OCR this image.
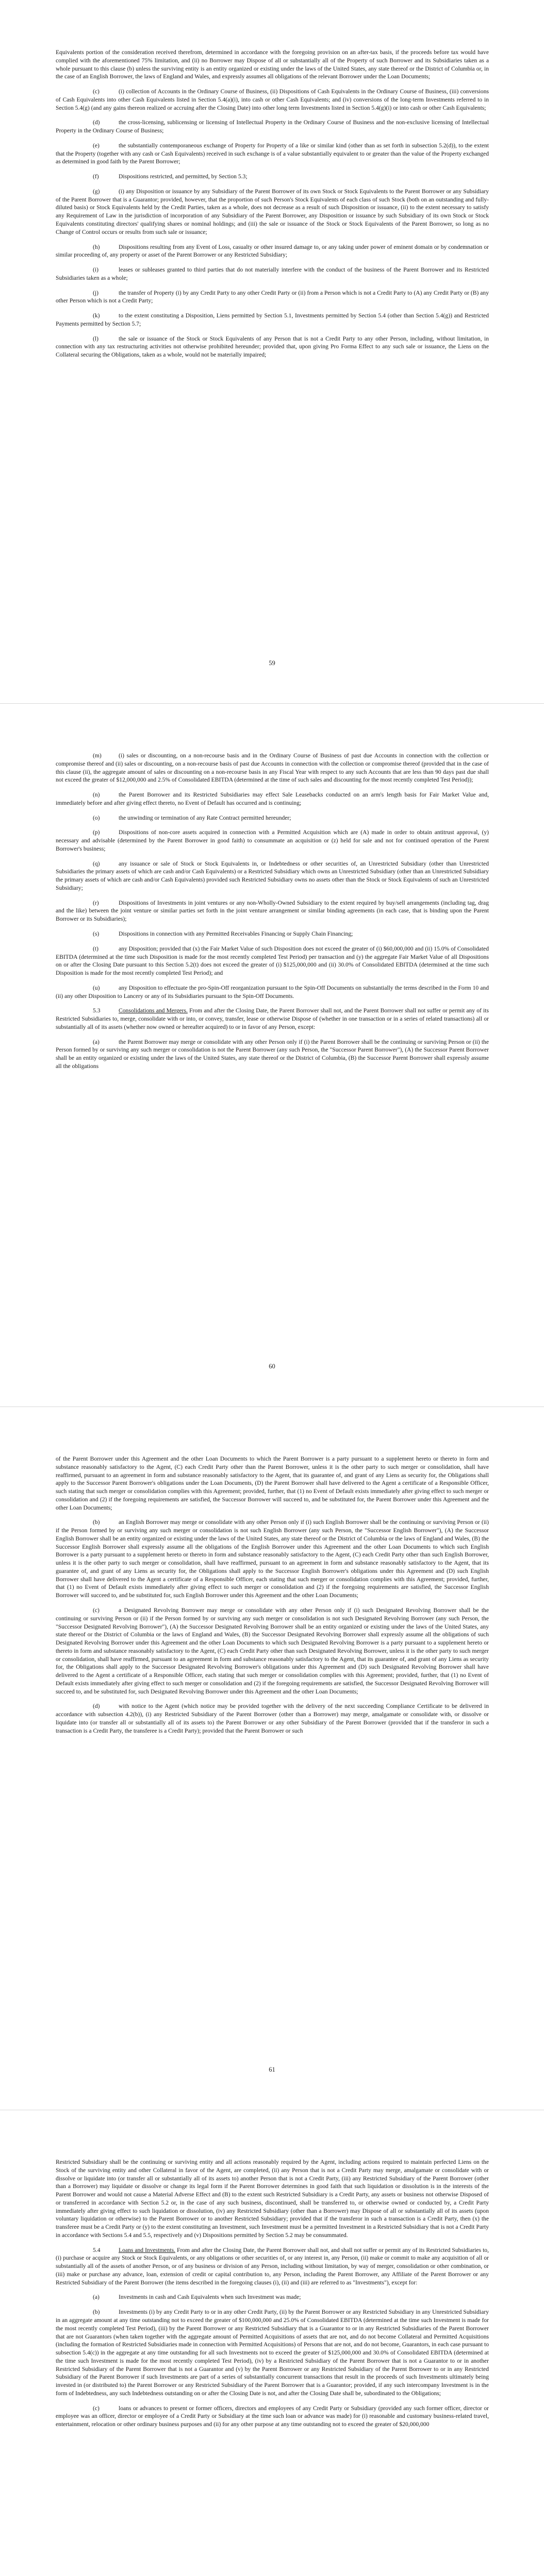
Equivalents portion of the consideration received therefrom, determined in accordance with the foregoing provision on an after-tax basis, if the proceeds before tax would have complied with the aforementioned 75% limitation, and (ii) no Borrower may Dispose of all or substantially all of the Property of such Borrower and its Subsidiaries taken as a whole pursuant to this clause (b) unless the surviving entity is an entity organized or existing under the laws of the United States, any state thereof or the District of Columbia or, in the case of an English Borrower, the laws of England and Wales, and expressly assumes all obligations of the relevant Borrower under the Loan Documents;

(c)	(i) collection of Accounts in the Ordinary Course of Business, (ii) Dispositions of Cash Equivalents in the Ordinary Course of Business, (iii) conversions of Cash Equivalents into other Cash Equivalents listed in Section 5.4(a)(i), into cash or other Cash Equivalents; and (iv) conversions of the long-term Investments referred to in Section 5.4(g) (and any gains thereon realized or accruing after the Closing Date) into other long term Investments listed in Section 5.4(g)(i) or into cash or other Cash Equivalents;

(d)	the cross-licensing, sublicensing or licensing of Intellectual Property in the Ordinary Course of Business and the non-exclusive licensing of Intellectual Property in the Ordinary Course of Business;

(e)	the substantially contemporaneous exchange of Property for Property of a like or similar kind (other than as set forth in subsection 5.2(d)), to the extent that the Property (together with any cash or Cash Equivalents) received in such exchange is of a value substantially equivalent to or greater than the value of the Property exchanged as determined in good faith by the Parent Borrower;

(f)	Dispositions restricted, and permitted, by Section 5.3;

(g)	(i) any Disposition or issuance by any Subsidiary of the Parent Borrower of its own Stock or Stock Equivalents to the Parent Borrower or any Subsidiary of the Parent Borrower that is a Guarantor; provided, however, that the proportion of such Person's Stock Equivalents of each class of such Stock (both on an outstanding and fully-diluted basis) or Stock Equivalents held by the Credit Parties, taken as a whole, does not decrease as a result of such Disposition or issuance, (ii) to the extent necessary to satisfy any Requirement of Law in the jurisdiction of incorporation of any Subsidiary of the Parent Borrower, any Disposition or issuance by such Subsidiary of its own Stock or Stock Equivalents constituting directors' qualifying shares or nominal holdings; and (iii) the sale or issuance of the Stock or Stock Equivalents of the Parent Borrower, so long as no Change of Control occurs or results from such sale or issuance;

(h)	Dispositions resulting from any Event of Loss, casualty or other insured damage to, or any taking under power of eminent domain or by condemnation or similar proceeding of, any property or asset of the Parent Borrower or any Restricted Subsidiary;

(i)	leases or subleases granted to third parties that do not materially interfere with the conduct of the business of the Parent Borrower and its Restricted Subsidiaries taken as a whole;

(j)	the transfer of Property (i) by any Credit Party to any other Credit Party or (ii) from a Person which is not a Credit Party to (A) any Credit Party or (B) any other Person which is not a Credit Party;

(k)	to the extent constituting a Disposition, Liens permitted by Section 5.1, Investments permitted by Section 5.4 (other than Section 5.4(g)) and Restricted Payments permitted by Section 5.7;

(l)	the sale or issuance of the Stock or Stock Equivalents of any Person that is not a Credit Party to any other Person, including, without limitation, in connection with any tax restructuring activities not otherwise prohibited hereunder; provided that, upon giving Pro Forma Effect to any such sale or issuance, the Liens on the Collateral securing the Obligations, taken as a whole, would not be materially impaired;

59

(m)	(i) sales or discounting, on a non-recourse basis and in the Ordinary Course of Business of past due Accounts in connection with the collection or compromise thereof and (ii) sales or discounting, on a non-recourse basis of past due Accounts in connection with the collection or compromise thereof (provided that in the case of this clause (ii), the aggregate amount of sales or discounting on a non-recourse basis in any Fiscal Year with respect to any such Accounts that are less than 90 days past due shall not exceed the greater of $12,000,000 and 2.5% of Consolidated EBITDA (determined at the time of such sales and discounting for the most recently completed Test Period));

(n)	the Parent Borrower and its Restricted Subsidiaries may effect Sale Leasebacks conducted on an arm's length basis for Fair Market Value and, immediately before and after giving effect thereto, no Event of Default has occurred and is continuing;

(o)	the unwinding or termination of any Rate Contract permitted hereunder;

(p)	Dispositions of non-core assets acquired in connection with a Permitted Acquisition which are (A) made in order to obtain antitrust approval, (y) necessary and advisable (determined by the Parent Borrower in good faith) to consummate an acquisition or (z) held for sale and not for continued operation of the Parent Borrower's business;

(q)	any issuance or sale of Stock or Stock Equivalents in, or Indebtedness or other securities of, an Unrestricted Subsidiary (other than Unrestricted Subsidiaries the primary assets of which are cash and/or Cash Equivalents) or a Restricted Subsidiary which owns an Unrestricted Subsidiary (other than an Unrestricted Subsidiary the primary assets of which are cash and/or Cash Equivalents) provided such Restricted Subsidiary owns no assets other than the Stock or Stock Equivalents of such an Unrestricted Subsidiary;

(r)	Dispositions of Investments in joint ventures or any non-Wholly-Owned Subsidiary to the extent required by buy/sell arrangements (including tag, drag and the like) between the joint venture or similar parties set forth in the joint venture arrangement or similar binding agreements (in each case, that is binding upon the Parent Borrower or its Subsidiaries);

(s)	Dispositions in connection with any Permitted Receivables Financing or Supply Chain Financing;

(t)	any Disposition; provided that (x) the Fair Market Value of such Disposition does not exceed the greater of (i) $60,000,000 and (ii) 15.0% of Consolidated EBITDA (determined at the time such Disposition is made for the most recently completed Test Period) per transaction and (y) the aggregate Fair Market Value of all Dispositions on or after the Closing Date pursuant to this Section 5.2(t) does not exceed the greater of (i) $125,000,000 and (ii) 30.0% of Consolidated EBITDA (determined at the time such Disposition is made for the most recently completed Test Period); and

(u)	any Disposition to effectuate the pro-Spin-Off reorganization pursuant to the Spin-Off Documents on substantially the terms described in the Form 10 and (ii) any other Disposition to Lancery or any of its Subsidiaries pursuant to the Spin-Off Documents.

5.3	Consolidations and Mergers. From and after the Closing Date, the Parent Borrower shall not, and the Parent Borrower shall not suffer or permit any of its Restricted Subsidiaries to, merge, consolidate with or into, or convey, transfer, lease or otherwise Dispose of (whether in one transaction or in a series of related transactions) all or substantially all of its assets (whether now owned or hereafter acquired) to or in favor of any Person, except:

(a)	the Parent Borrower may merge or consolidate with any other Person only if (i) the Parent Borrower shall be the continuing or surviving Person or (ii) the Person formed by or surviving any such merger or consolidation is not the Parent Borrower (any such Person, the "Successor Parent Borrower"), (A) the Successor Parent Borrower shall be an entity organized or existing under the laws of the United States, any state thereof or the District of Columbia, (B) the Successor Parent Borrower shall expressly assume all the obligations

60

of the Parent Borrower under this Agreement and the other Loan Documents to which the Parent Borrower is a party pursuant to a supplement hereto or thereto in form and substance reasonably satisfactory to the Agent, (C) each Credit Party other than the Parent Borrower, unless it is the other party to such merger or consolidation, shall have reaffirmed, pursuant to an agreement in form and substance reasonably satisfactory to the Agent, that its guarantee of, and grant of any Liens as security for, the Obligations shall apply to the Successor Parent Borrower's obligations under the Loan Documents, (D) the Parent Borrower shall have delivered to the Agent a certificate of a Responsible Officer, such stating that such merger or consolidation complies with this Agreement; provided, further, that (1) no Event of Default exists immediately after giving effect to such merger or consolidation and (2) if the foregoing requirements are satisfied, the Successor Borrower will succeed to, and be substituted for, the Parent Borrower under this Agreement and the other Loan Documents;

(b)	an English Borrower may merge or consolidate with any other Person only if (i) such English Borrower shall be the continuing or surviving Person or (ii) if the Person formed by or surviving any such merger or consolidation is not such English Borrower (any such Person, the "Successor English Borrower"), (A) the Successor English Borrower shall be an entity organized or existing under the laws of the United States, any state thereof or the District of Columbia or the laws of England and Wales, (B) the Successor English Borrower shall expressly assume all the obligations of the English Borrower under this Agreement and the other Loan Documents to which such English Borrower is a party pursuant to a supplement hereto or thereto in form and substance reasonably satisfactory to the Agent, (C) each Credit Party other than such English Borrower, unless it is the other party to such merger or consolidation, shall have reaffirmed, pursuant to an agreement in form and substance reasonably satisfactory to the Agent, that its guarantee of, and grant of any Liens as security for, the Obligations shall apply to the Successor English Borrower's obligations under this Agreement and (D) such English Borrower shall have delivered to the Agent a certificate of a Responsible Officer, each stating that such merger or consolidation complies with this Agreement; provided, further, that (1) no Event of Default exists immediately after giving effect to such merger or consolidation and (2) if the foregoing requirements are satisfied, the Successor English Borrower will succeed to, and be substituted for, such English Borrower under this Agreement and the other Loan Documents;

(c)	a Designated Revolving Borrower may merge or consolidate with any other Person only if (i) such Designated Revolving Borrower shall be the continuing or surviving Person or (ii) if the Person formed by or surviving any such merger or consolidation is not such Designated Revolving Borrower (any such Person, the "Successor Designated Revolving Borrower"), (A) the Successor Designated Revolving Borrower shall be an entity organized or existing under the laws of the United States, any state thereof or the District of Columbia or the laws of England and Wales, (B) the Successor Designated Revolving Borrower shall expressly assume all the obligations of such Designated Revolving Borrower under this Agreement and the other Loan Documents to which such Designated Revolving Borrower is a party pursuant to a supplement hereto or thereto in form and substance reasonably satisfactory to the Agent, (C) each Credit Party other than such Designated Revolving Borrower, unless it is the other party to such merger or consolidation, shall have reaffirmed, pursuant to an agreement in form and substance reasonably satisfactory to the Agent, that its guarantee of, and grant of any Liens as security for, the Obligations shall apply to the Successor Designated Revolving Borrower's obligations under this Agreement and (D) such Designated Revolving Borrower shall have delivered to the Agent a certificate of a Responsible Officer, each stating that such merger or consolidation complies with this Agreement; provided, further, that (1) no Event of Default exists immediately after giving effect to such merger or consolidation and (2) if the foregoing requirements are satisfied, the Successor Designated Revolving Borrower will succeed to, and be substituted for, such Designated Revolving Borrower under this Agreement and the other Loan Documents;

(d)	with notice to the Agent (which notice may be provided together with the delivery of the next succeeding Compliance Certificate to be delivered in accordance with subsection 4.2(b)), (i) any Restricted Subsidiary of the Parent Borrower (other than a Borrower) may merge, amalgamate or consolidate with, or dissolve or liquidate into (or transfer all or substantially all of its assets to) the Parent Borrower or any other Subsidiary of the Parent Borrower (provided that if the transferor in such a transaction is a Credit Party, the transferee is a Credit Party); provided that the Parent Borrower or such

61

Restricted Subsidiary shall be the continuing or surviving entity and all actions reasonably required by the Agent, including actions required to maintain perfected Liens on the Stock of the surviving entity and other Collateral in favor of the Agent, are completed, (ii) any Person that is not a Credit Party may merge, amalgamate or consolidate with or dissolve or liquidate into (or transfer all or substantially all of its assets to) another Person that is not a Credit Party, (iii) any Restricted Subsidiary of the Parent Borrower (other than a Borrower) may liquidate or dissolve or change its legal form if the Parent Borrower determines in good faith that such liquidation or dissolution is in the interests of the Parent Borrower and would not cause a Material Adverse Effect and (B) to the extent such Restricted Subsidiary is a Credit Party, any assets or business not otherwise Disposed of or transferred in accordance with Section 5.2 or, in the case of any such business, discontinued, shall be transferred to, or otherwise owned or conducted by, a Credit Party immediately after giving effect to such liquidation or dissolution, (iv) any Restricted Subsidiary (other than a Borrower) may Dispose of all or substantially all of its assets (upon voluntary liquidation or otherwise) to the Parent Borrower or to another Restricted Subsidiary; provided that if the transferor in such a transaction is a Credit Party, then (x) the transferee must be a Credit Party or (y) to the extent constituting an Investment, such Investment must be a permitted Investment in a Restricted Subsidiary that is not a Credit Party in accordance with Sections 5.4 and 5.5, respectively and (v) Dispositions permitted by Section 5.2 may be consummated.

5.4	Loans and Investments. From and after the Closing Date, the Parent Borrower shall not, and shall not suffer or permit any of its Restricted Subsidiaries to, (i) purchase or acquire any Stock or Stock Equivalents, or any obligations or other securities of, or any interest in, any Person, (ii) make or commit to make any acquisition of all or substantially all of the assets of another Person, or of any business or division of any Person, including without limitation, by way of merger, consolidation or other combination, or (iii) make or purchase any advance, loan, extension of credit or capital contribution to, any Person, including the Parent Borrower, any Affiliate of the Parent Borrower or any Restricted Subsidiary of the Parent Borrower (the items described in the foregoing clauses (i), (ii) and (iii) are referred to as "Investments"), except for:

(a)	Investments in cash and Cash Equivalents when such Investment was made;

(b)	Investments (i) by any Credit Party to or in any other Credit Party, (ii) by the Parent Borrower or any Restricted Subsidiary in any Unrestricted Subsidiary in an aggregate amount at any time outstanding not to exceed the greater of $100,000,000 and 25.0% of Consolidated EBITDA (determined at the time such Investment is made for the most recently completed Test Period), (iii) by the Parent Borrower or any Restricted Subsidiary that is a Guarantor to or in any Restricted Subsidiaries of the Parent Borrower that are not Guarantors (when taken together with the aggregate amount of Permitted Acquisitions of assets that are not, and do not become Collateral and Permitted Acquisitions (including the formation of Restricted Subsidiaries made in connection with Permitted Acquisitions) of Persons that are not, and do not become, Guarantors, in each case pursuant to subsection 5.4(c)) in the aggregate at any time outstanding for all such Investments not to exceed the greater of $125,000,000 and 30.0% of Consolidated EBITDA (determined at the time such Investment is made for the most recently completed Test Period), (iv) by a Restricted Subsidiary of the Parent Borrower that is not a Guarantor to or in another Restricted Subsidiary of the Parent Borrower that is not a Guarantor and (v) by the Parent Borrower or any Restricted Subsidiary of the Parent Borrower to or in any Restricted Subsidiary of the Parent Borrower if such Investments are part of a series of substantially concurrent transactions that result in the proceeds of such Investments ultimately being invested in (or distributed to) the Parent Borrower or any Restricted Subsidiary of the Parent Borrower that is a Guarantor; provided, if any such intercompany Investment is in the form of Indebtedness, any such Indebtedness outstanding on or after the Closing Date is not, and after the Closing Date shall be, subordinated to the Obligations;

(c)	loans or advances to present or former officers, directors and employees of any Credit Party or Subsidiary (provided any such former officer, director or employee was an officer, director or employee of a Credit Party or Subsidiary at the time such loan or advance was made) for (i) reasonable and customary business-related travel, entertainment, relocation or other ordinary business purposes and (ii) for any other purpose at any time outstanding not to exceed the greater of $20,000,000
